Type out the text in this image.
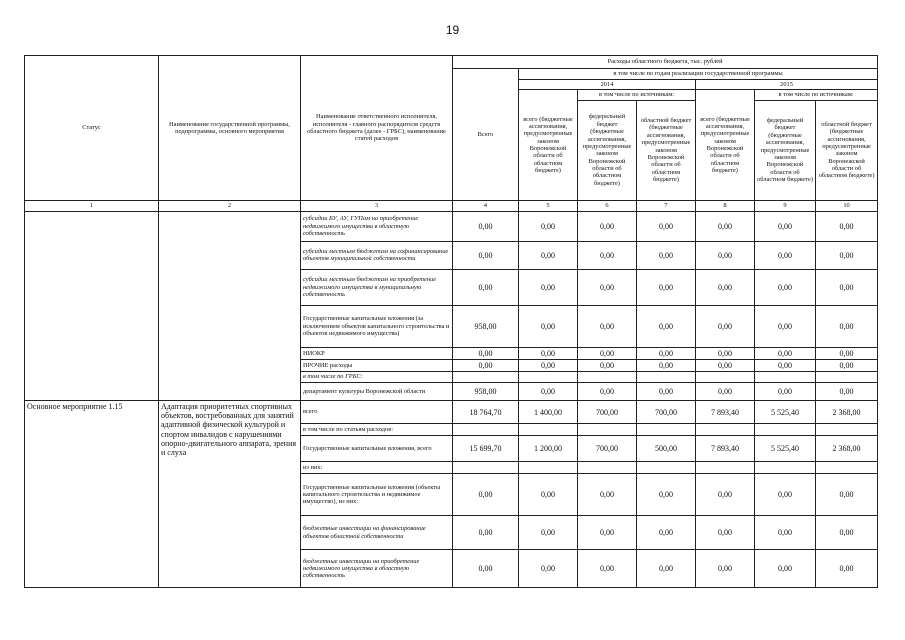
19
Статус	Наименование государственной программы, подпрограммы, основного мероприятия	Наименование ответственного исполнителя, исполнителя - главного распорядителя средств областного бюджета (далее - ГРБС), наименование статей расходов	Расходы областного бюджета, тыс. рублей						
			Всего	в том числе по годам реализации государственной программы					
				2014			2015		
				всего (бюджетные ассигнования, предусмотренные законом Воронежской области об областном бюджете)	в том числе по источникам:		всего (бюджетные ассигнования, предусмотренные законом Воронежской области об областном бюджете)	в том числе по источникам:	
					федеральный бюджет (бюджетные ассигнования, предусмотренные законом Воронежской области об областном бюджете)	областной бюджет (бюджетные ассигнования, предусмотренные законом Воронежской области об областном бюджете)		федеральный бюджет (бюджетные ассигнования, предусмотренные законом Воронежской области об областном бюджете)	областной бюджет (бюджетные ассигнования, предусмотренные законом Воронежской области об областном бюджете)

1	2	3	4	5	6	7	8	9	10
		субсидии БУ, АУ, ГУПам на приобретение недвижимого имущества в областную собственность	0,00	0,00	0,00	0,00	0,00	0,00	0,00
		субсидии местным бюджетам на софинансирование объектов муниципальной собственности	0,00	0,00	0,00	0,00	0,00	0,00	0,00
		субсидии местным бюджетам на приобретение недвижимого имущества в муниципальную собственность	0,00	0,00	0,00	0,00	0,00	0,00	0,00
		Государственные капитальные вложения (за исключением объектов капитального строительства и объектов недвижимого имущества)	958,00	0,00	0,00	0,00	0,00	0,00	0,00
		НИОКР	0,00	0,00	0,00	0,00	0,00	0,00	0,00
		ПРОЧИЕ расходы	0,00	0,00	0,00	0,00	0,00	0,00	0,00
		в том числе по ГРБС:							
		департамент культуры Воронежской области	958,00	0,00	0,00	0,00	0,00	0,00	0,00
Основное мероприятие 1.15	Адаптация приоритетных спортивных объектов, востребованных для занятий адаптивной физической культурой и спортом инвалидов с нарушениями опорно-двигательного аппарата, зрения и слуха	всего	18 764,70	1 400,00	700,00	700,00	7 893,40	5 525,40	2 368,00
		в том числе по статьям расходов:							
		Государственные капитальные вложения, всего	15 699,70	1 200,00	700,00	500,00	7 893,40	5 525,40	2 368,00
		из них:							
		Государственные капитальные вложения (объекты капитального строительства и недвижимое имущество), из них:	0,00	0,00	0,00	0,00	0,00	0,00	0,00
		бюджетные инвестиции на финансирование объектов областной собственности	0,00	0,00	0,00	0,00	0,00	0,00	0,00
		бюджетные инвестиции на приобретение недвижимого имущества в областную собственность	0,00	0,00	0,00	0,00	0,00	0,00	0,00
